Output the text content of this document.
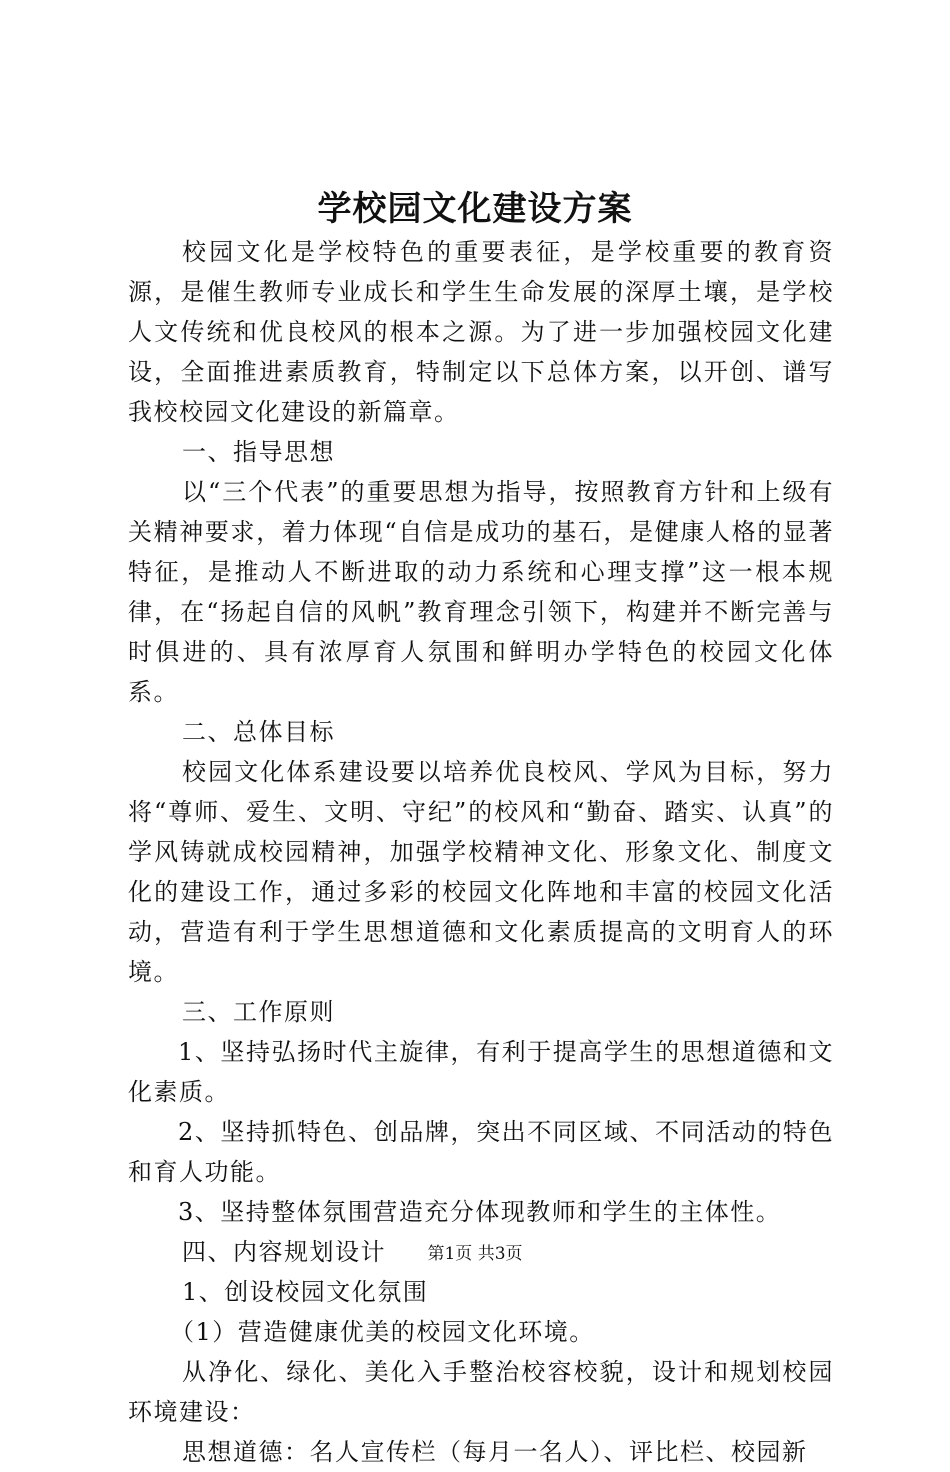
学校园文化建设方案

校园文化是学校特色的重要表征，是学校重要的教育资源，是催生教师专业成长和学生生命发展的深厚土壤，是学校人文传统和优良校风的根本之源。为了进一步加强校园文化建设，全面推进素质教育，特制定以下总体方案，以开创、谱写我校校园文化建设的新篇章。

一、指导思想

以“三个代表”的重要思想为指导，按照教育方针和上级有关精神要求，着力体现“自信是成功的基石，是健康人格的显著特征，是推动人不断进取的动力系统和心理支撑”这一根本规律，在“扬起自信的风帆”教育理念引领下，构建并不断完善与时俱进的、具有浓厚育人氛围和鲜明办学特色的校园文化体系。

二、总体目标

校园文化体系建设要以培养优良校风、学风为目标，努力将“尊师、爱生、文明、守纪”的校风和“勤奋、踏实、认真”的学风铸就成校园精神，加强学校精神文化、形象文化、制度文化的建设工作，通过多彩的校园文化阵地和丰富的校园文化活动，营造有利于学生思想道德和文化素质提高的文明育人的环境。

三、工作原则

1、坚持弘扬时代主旋律，有利于提高学生的思想道德和文化素质。

2、坚持抓特色、创品牌，突出不同区域、不同活动的特色和育人功能。

3、坚持整体氛围营造充分体现教师和学生的主体性。

四、内容规划设计

1、创设校园文化氛围

（1）营造健康优美的校园文化环境。

从净化、绿化、美化入手整治校容校貌，设计和规划校园环境建设：

思想道德：名人宣传栏（每月一名人）、评比栏、校园新

第1页 共3页
